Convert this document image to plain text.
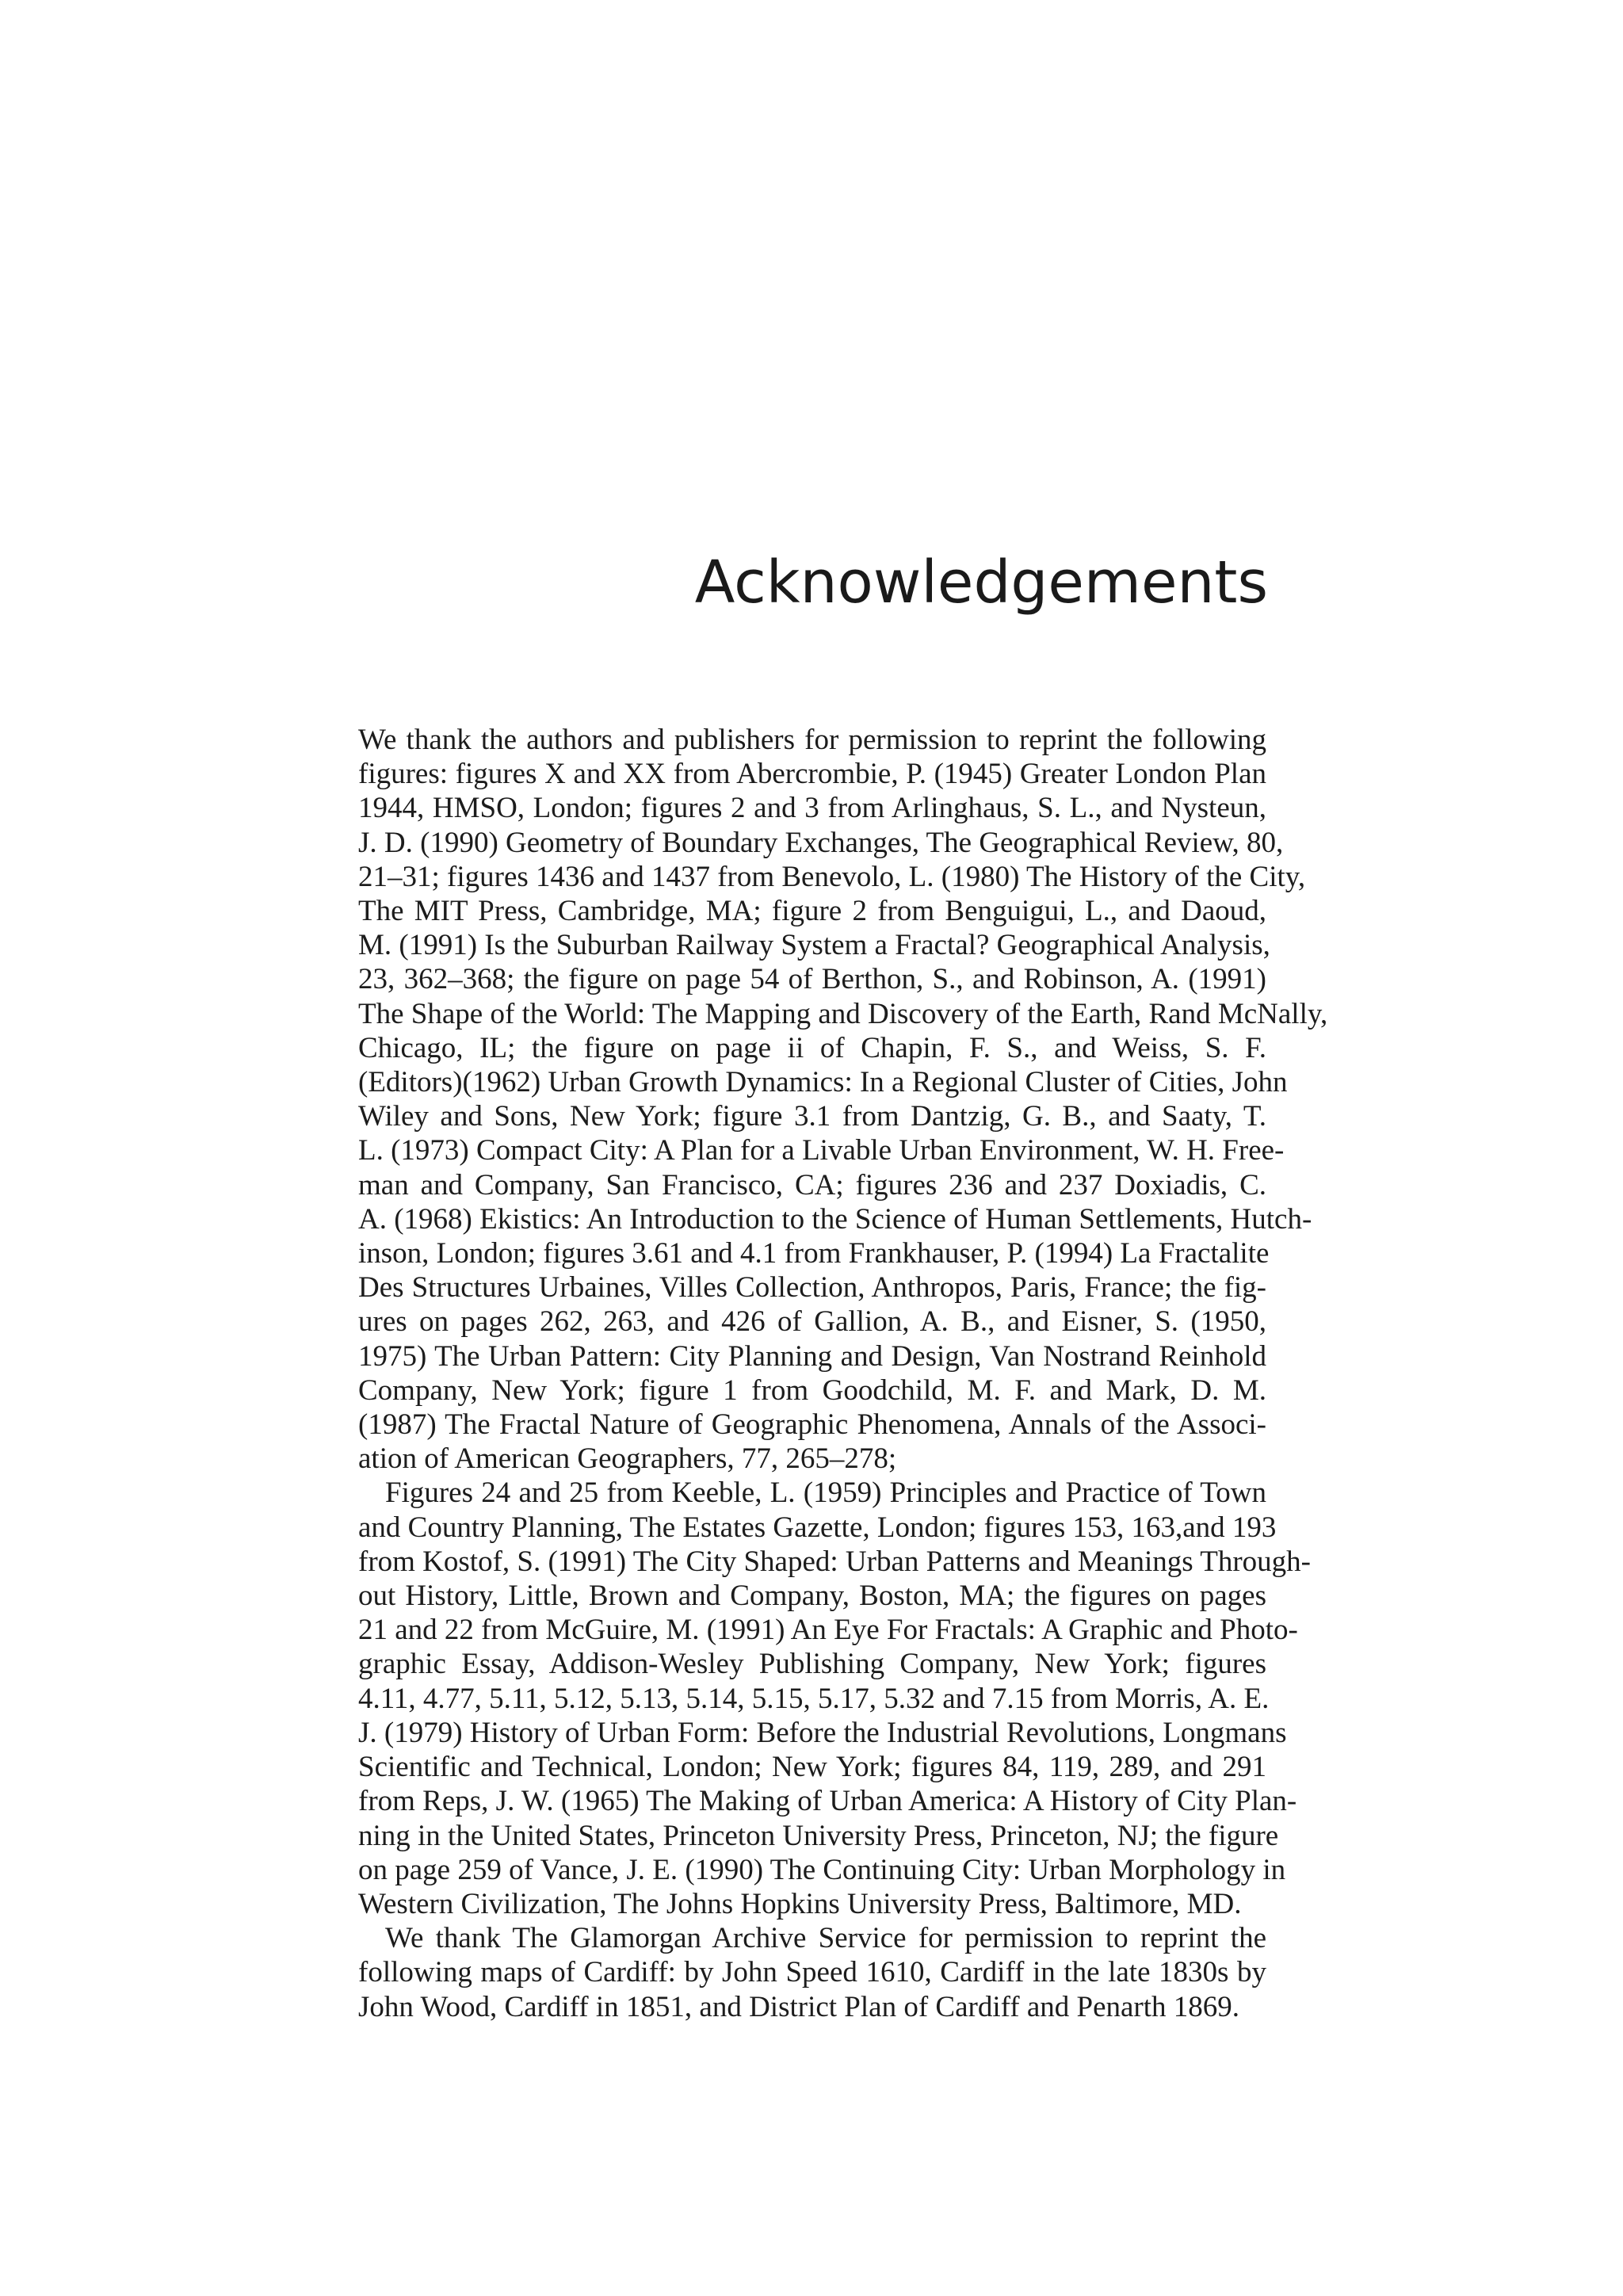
Acknowledgements
We thank the authors and publishers for permission to reprint the following
figures: figures X and XX from Abercrombie, P. (1945) Greater London Plan
1944, HMSO, London; figures 2 and 3 from Arlinghaus, S. L., and Nysteun,
J. D. (1990) Geometry of Boundary Exchanges, The Geographical Review, 80,
21–31; figures 1436 and 1437 from Benevolo, L. (1980) The History of the City,
The MIT Press, Cambridge, MA; figure 2 from Benguigui, L., and Daoud,
M. (1991) Is the Suburban Railway System a Fractal? Geographical Analysis,
23, 362–368; the figure on page 54 of Berthon, S., and Robinson, A. (1991)
The Shape of the World: The Mapping and Discovery of the Earth, Rand McNally,
Chicago, IL; the figure on page ii of Chapin, F. S., and Weiss, S. F.
(Editors)(1962) Urban Growth Dynamics: In a Regional Cluster of Cities, John
Wiley and Sons, New York; figure 3.1 from Dantzig, G. B., and Saaty, T.
L. (1973) Compact City: A Plan for a Livable Urban Environment, W. H. Free-
man and Company, San Francisco, CA; figures 236 and 237 Doxiadis, C.
A. (1968) Ekistics: An Introduction to the Science of Human Settlements, Hutch-
inson, London; figures 3.61 and 4.1 from Frankhauser, P. (1994) La Fractalite
Des Structures Urbaines, Villes Collection, Anthropos, Paris, France; the fig-
ures on pages 262, 263, and 426 of Gallion, A. B., and Eisner, S. (1950,
1975) The Urban Pattern: City Planning and Design, Van Nostrand Reinhold
Company, New York; figure 1 from Goodchild, M. F. and Mark, D. M.
(1987) The Fractal Nature of Geographic Phenomena, Annals of the Associ-
ation of American Geographers, 77, 265–278;
Figures 24 and 25 from Keeble, L. (1959) Principles and Practice of Town
and Country Planning, The Estates Gazette, London; figures 153, 163,and 193
from Kostof, S. (1991) The City Shaped: Urban Patterns and Meanings Through-
out History, Little, Brown and Company, Boston, MA; the figures on pages
21 and 22 from McGuire, M. (1991) An Eye For Fractals: A Graphic and Photo-
graphic Essay, Addison-Wesley Publishing Company, New York; figures
4.11, 4.77, 5.11, 5.12, 5.13, 5.14, 5.15, 5.17, 5.32 and 7.15 from Morris, A. E.
J. (1979) History of Urban Form: Before the Industrial Revolutions, Longmans
Scientific and Technical, London; New York; figures 84, 119, 289, and 291
from Reps, J. W. (1965) The Making of Urban America: A History of City Plan-
ning in the United States, Princeton University Press, Princeton, NJ; the figure
on page 259 of Vance, J. E. (1990) The Continuing City: Urban Morphology in
Western Civilization, The Johns Hopkins University Press, Baltimore, MD.
We thank The Glamorgan Archive Service for permission to reprint the
following maps of Cardiff: by John Speed 1610, Cardiff in the late 1830s by
John Wood, Cardiff in 1851, and District Plan of Cardiff and Penarth 1869.
